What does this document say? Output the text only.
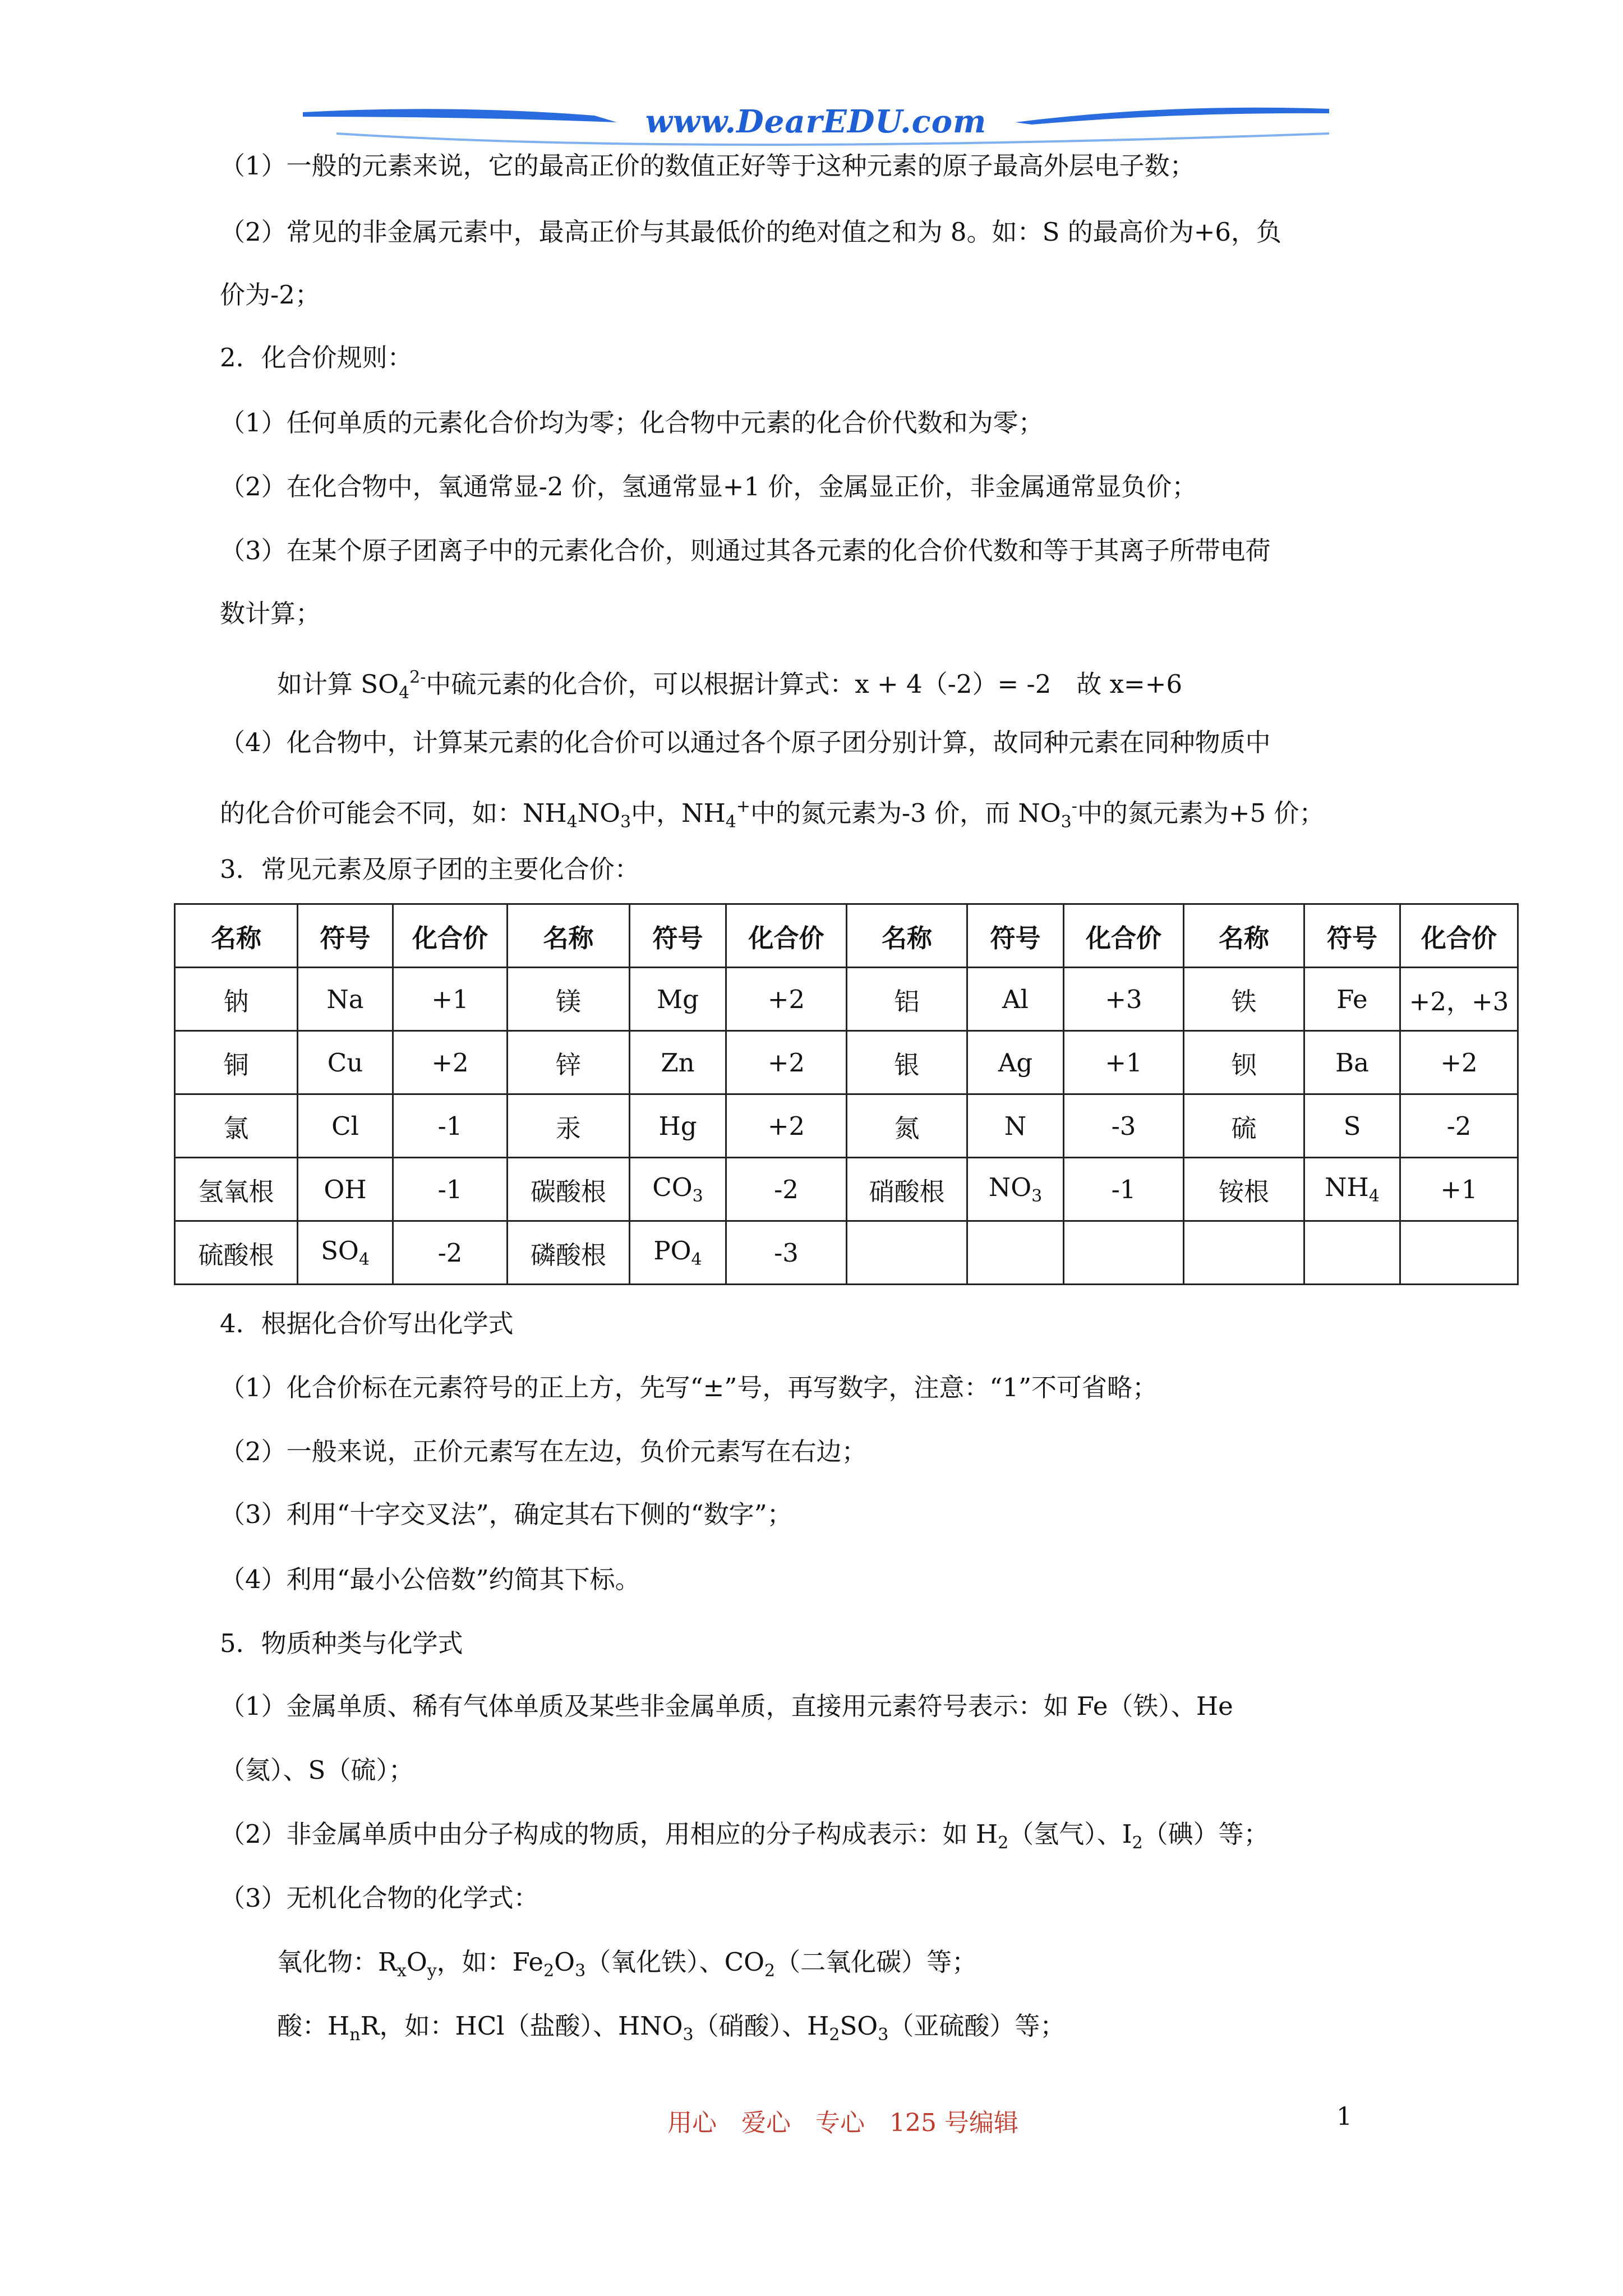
www.DearEDU.com
（1）一般的元素来说，它的最高正价的数值正好等于这种元素的原子最高外层电子数；
（2）常见的非金属元素中，最高正价与其最低价的绝对值之和为 8。如：S 的最高价为+6，负
价为-2；
2．化合价规则：
（1）任何单质的元素化合价均为零；化合物中元素的化合价代数和为零；
（2）在化合物中，氧通常显-2 价，氢通常显+1 价，金属显正价，非金属通常显负价；
（3）在某个原子团离子中的元素化合价，则通过其各元素的化合价代数和等于其离子所带电荷
数计算；
如计算 $SO_4^{2-}$中硫元素的化合价，可以根据计算式：x + 4（-2）= -2　故 x=+6
（4）化合物中，计算某元素的化合价可以通过各个原子团分别计算，故同种元素在同种物质中
的化合价可能会不同，如：$NH_4NO_3$中，$NH_4^+$中的氮元素为-3 价，而 $NO_3^-$中的氮元素为+5 价；
3．常见元素及原子团的主要化合价：
名称	符号	化合价	名称	符号	化合价	名称	符号	化合价	名称	符号	化合价
钠	Na	+1	镁	Mg	+2	铝	Al	+3	铁	Fe	+2，+3
铜	Cu	+2	锌	Zn	+2	银	Ag	+1	钡	Ba	+2
氯	Cl	-1	汞	Hg	+2	氮	N	-3	硫	S	-2
氢氧根	OH	-1	碳酸根	$CO_3$	-2	硝酸根	$NO_3$	-1	铵根	$NH_4$	+1
硫酸根	$SO_4$	-2	磷酸根	$PO_4$	-3						
4．根据化合价写出化学式
（1）化合价标在元素符号的正上方，先写“±”号，再写数字，注意：“1”不可省略；
（2）一般来说，正价元素写在左边，负价元素写在右边；
（3）利用“十字交叉法”，确定其右下侧的“数字”；
（4）利用“最小公倍数”约简其下标。
5．物质种类与化学式
（1）金属单质、稀有气体单质及某些非金属单质，直接用元素符号表示：如 Fe（铁）、He
（氦）、S（硫）；
（2）非金属单质中由分子构成的物质，用相应的分子构成表示：如 $H_2$（氢气）、$I_2$（碘）等；
（3）无机化合物的化学式：
氧化物：$R_xO_y$，如：$Fe_2O_3$（氧化铁）、$CO_2$（二氧化碳）等；
酸：$H_nR$，如：HCl（盐酸）、$HNO_3$（硝酸）、$H_2SO_3$（亚硫酸）等；
用心　爱心　专心　125 号编辑	1
